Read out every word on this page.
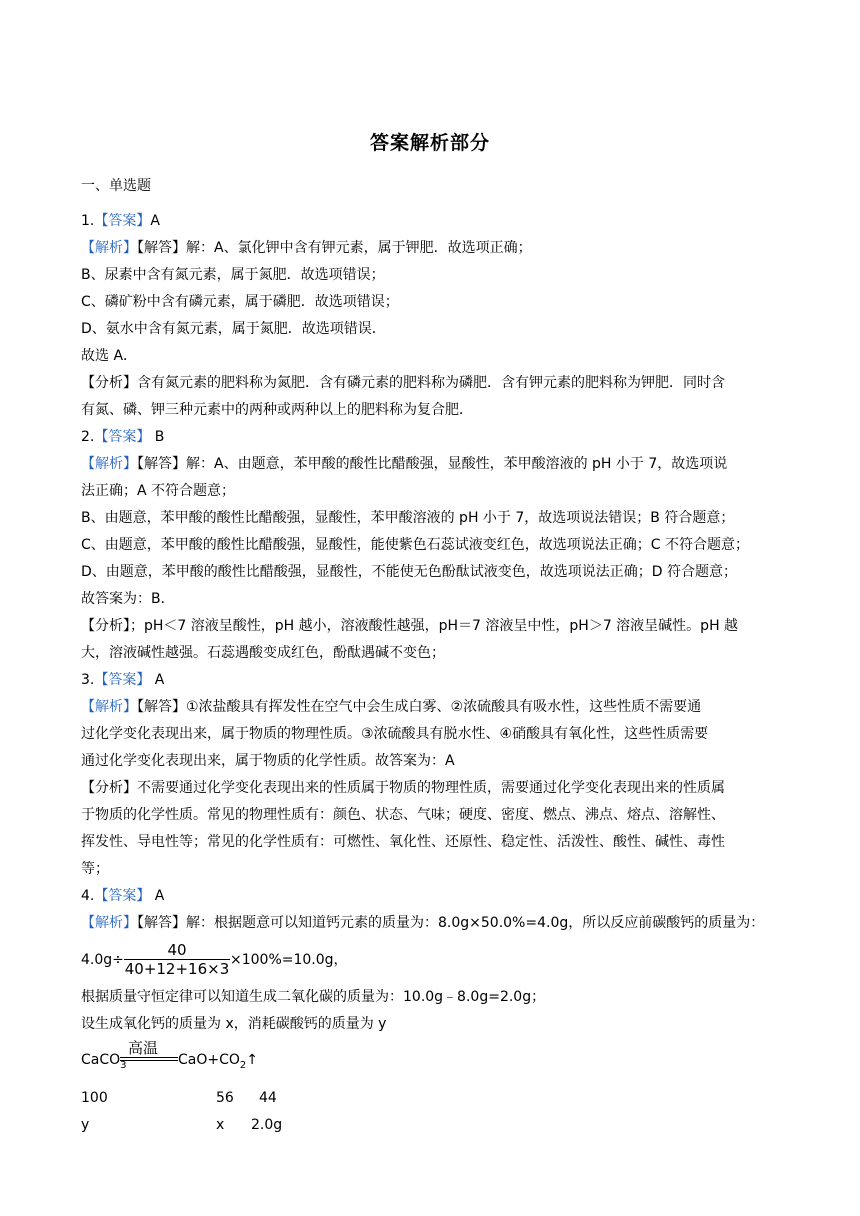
答案解析部分
一、单选题
1.【答案】A
【解析】【解答】解：A、氯化钾中含有钾元素，属于钾肥．故选项正确；
B、尿素中含有氮元素，属于氮肥．故选项错误；
C、磷矿粉中含有磷元素，属于磷肥．故选项错误；
D、氨水中含有氮元素，属于氮肥．故选项错误．
故选 A．
【分析】含有氮元素的肥料称为氮肥．含有磷元素的肥料称为磷肥．含有钾元素的肥料称为钾肥．同时含
有氮、磷、钾三种元素中的两种或两种以上的肥料称为复合肥．
2.【答案】 B
【解析】【解答】解：A、由题意，苯甲酸的酸性比醋酸强，显酸性，苯甲酸溶液的 pH 小于 7，故选项说
法正确；A 不符合题意；
B、由题意，苯甲酸的酸性比醋酸强，显酸性，苯甲酸溶液的 pH 小于 7，故选项说法错误；B 符合题意；
C、由题意，苯甲酸的酸性比醋酸强，显酸性，能使紫色石蕊试液变红色，故选项说法正确；C 不符合题意；
D、由题意，苯甲酸的酸性比醋酸强，显酸性，不能使无色酚酞试液变色，故选项说法正确；D 符合题意；
故答案为：B．
【分析】；pH＜7 溶液呈酸性，pH 越小，溶液酸性越强，pH＝7 溶液呈中性，pH＞7 溶液呈碱性。pH 越
大，溶液碱性越强。石蕊遇酸变成红色，酚酞遇碱不变色；
3.【答案】 A
【解析】【解答】①浓盐酸具有挥发性在空气中会生成白雾、②浓硫酸具有吸水性，这些性质不需要通
过化学变化表现出来，属于物质的物理性质。③浓硫酸具有脱水性、④硝酸具有氧化性，这些性质需要
通过化学变化表现出来，属于物质的化学性质。故答案为：A
【分析】不需要通过化学变化表现出来的性质属于物质的物理性质，需要通过化学变化表现出来的性质属
于物质的化学性质。常见的物理性质有：颜色、状态、气味；硬度、密度、燃点、沸点、熔点、溶解性、
挥发性、导电性等；常见的化学性质有：可燃性、氧化性、还原性、稳定性、活泼性、酸性、碱性、毒性
等；
4.【答案】 A
【解析】【解答】解：根据题意可以知道钙元素的质量为：8.0g×50.0%=4.0g，所以反应前碳酸钙的质量为：
4.0g÷
40
40+12+16×3 ×100%=10.0g，
根据质量守恒定律可以知道生成二氧化碳的质量为：10.0g﹣8.0g=2.0g；
设生成氧化钙的质量为 x，消耗碳酸钙的质量为 y
高温
CaCO$_3$	$CaO+CO_2↑$
100	56	44
y	x	2.0g
